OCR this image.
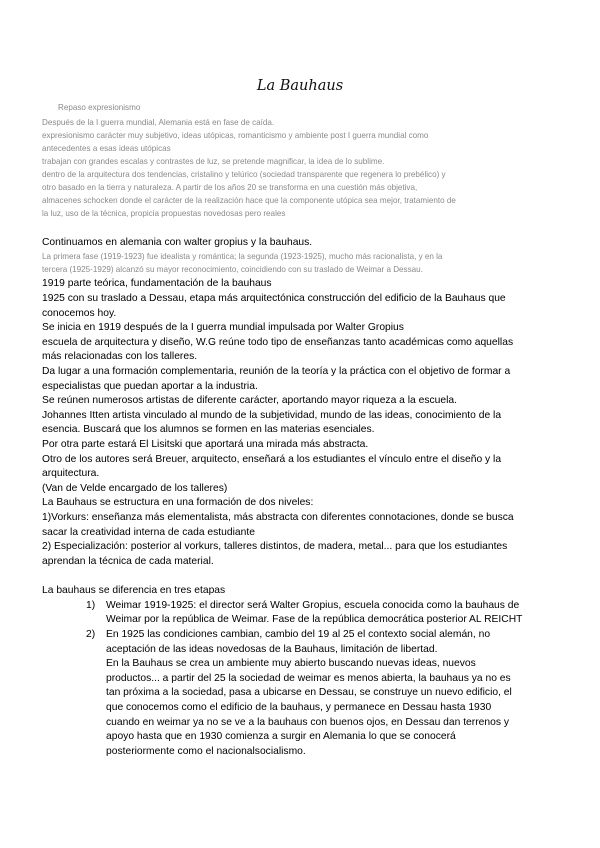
La Bauhaus
Repaso expresionismo
Después de la I guerra mundial, Alemania está en fase de caída.
expresionismo carácter muy subjetivo, ideas utópicas, romanticismo y ambiente post I guerra mundial como
antecedentes a esas ideas utópicas
trabajan con grandes escalas y contrastes de luz, se pretende magnificar, la idea de lo sublime.
dentro de la arquitectura dos tendencias, cristalino y telúrico (sociedad transparente que regenera lo prebélico) y
otro basado en la tierra y naturaleza. A partir de los años 20 se transforma en una cuestión más objetiva,
almacenes schocken donde el carácter de la realización hace que la componente utópica sea mejor, tratamiento de
la luz, uso de la técnica, propicia propuestas novedosas pero reales
Continuamos en alemania con walter gropius y la bauhaus.
La primera fase (1919-1923) fue idealista y romántica; la segunda (1923-1925), mucho más racionalista, y en la
tercera (1925-1929) alcanzó su mayor reconocimiento, coincidiendo con su traslado de Weimar a Dessau.
1919 parte teórica, fundamentación de la bauhaus
1925 con su traslado a Dessau, etapa más arquitectónica construcción del edificio de la Bauhaus que
conocemos hoy.
Se inicia en 1919 después de la I guerra mundial impulsada por Walter Gropius
escuela de arquitectura y diseño, W.G reúne todo tipo de enseñanzas tanto académicas como aquellas
más relacionadas con los talleres.
Da lugar a una formación complementaria, reunión de la teoría y la práctica con el objetivo de formar a
especialistas que puedan aportar a la industria.
Se reúnen numerosos artistas de diferente carácter, aportando mayor riqueza a la escuela.
Johannes Itten artista vinculado al mundo de la subjetividad, mundo de las ideas, conocimiento de la
esencia. Buscará que los alumnos se formen en las materias esenciales.
Por otra parte estará El Lisitski que aportará una mirada más abstracta.
Otro de los autores será Breuer, arquitecto, enseñará a los estudiantes el vínculo entre el diseño y la
arquitectura.
(Van de Velde encargado de los talleres)
La Bauhaus se estructura en una formación de dos niveles:
1)Vorkurs: enseñanza más elementalista, más abstracta con diferentes connotaciones, donde se busca
sacar la creatividad interna de cada estudiante
2) Especialización: posterior al vorkurs, talleres distintos, de madera, metal... para que los estudiantes
aprendan la técnica de cada material.
La bauhaus se diferencia en tres etapas
1) Weimar 1919-1925: el director será Walter Gropius, escuela conocida como la bauhaus de
Weimar por la república de Weimar. Fase de la república democrática posterior AL REICHT
2) En 1925 las condiciones cambian, cambio del 19 al 25 el contexto social alemán, no
aceptación de las ideas novedosas de la Bauhaus, limitación de libertad.
En la Bauhaus se crea un ambiente muy abierto buscando nuevas ideas, nuevos
productos... a partir del 25 la sociedad de weimar es menos abierta, la bauhaus ya no es
tan próxima a la sociedad, pasa a ubicarse en Dessau, se construye un nuevo edificio, el
que conocemos como el edificio de la bauhaus, y permanece en Dessau hasta 1930
cuando en weimar ya no se ve a la bauhaus con buenos ojos, en Dessau dan terrenos y
apoyo hasta que en 1930 comienza a surgir en Alemania lo que se conocerá
posteriormente como el nacionalsocialismo.
